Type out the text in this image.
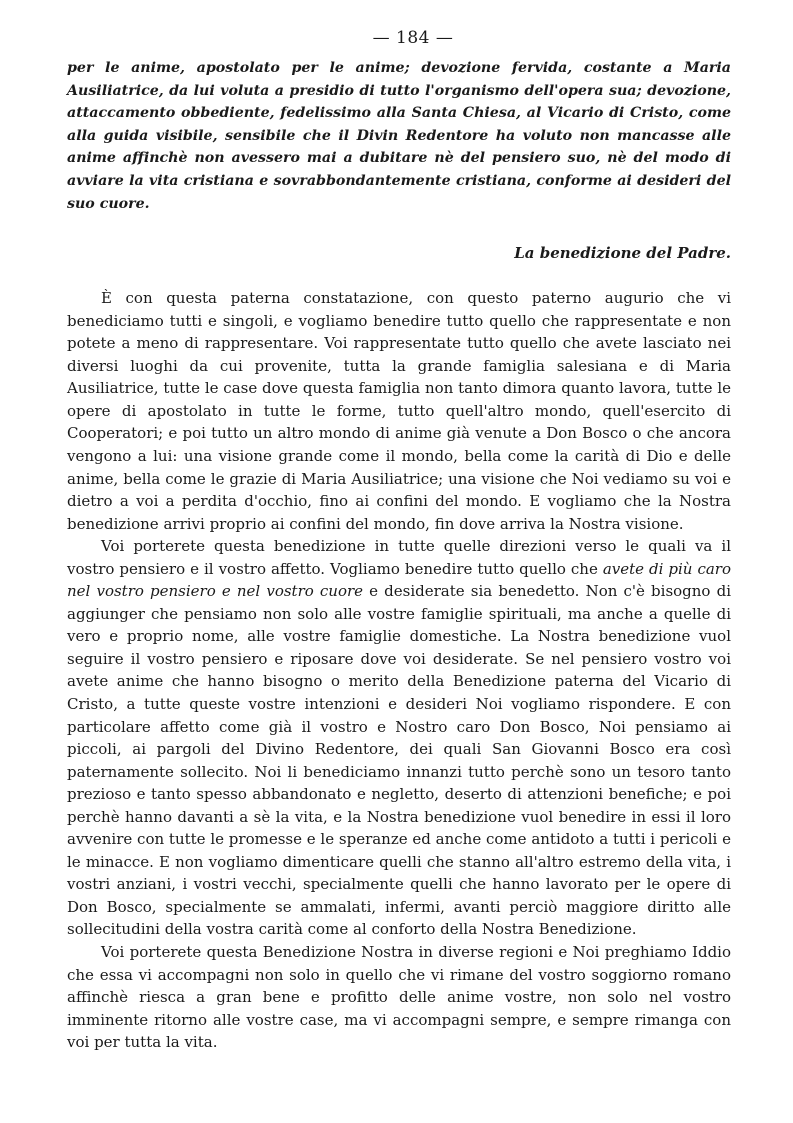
— 184 —

per le anime, apostolato per le anime; devozione fervida, costante a Maria Ausiliatrice, da lui voluta a presidio di tutto l'organismo dell'opera sua; devozione, attaccamento obbediente, fedelissimo alla Santa Chiesa, al Vicario di Cristo, come alla guida visibile, sensibile che il Divin Redentore ha voluto non mancasse alle anime affinchè non avessero mai a dubitare nè del pensiero suo, nè del modo di avviare la vita cristiana e sovrabbondantemente cristiana, conforme ai desideri del suo cuore.

La benedizione del Padre.

È con questa paterna constatazione, con questo paterno augurio che vi benediciamo tutti e singoli, e vogliamo benedire tutto quello che rappresentate e non potete a meno di rappresentare. Voi rappresentate tutto quello che avete lasciato nei diversi luoghi da cui provenite, tutta la grande famiglia salesiana e di Maria Ausiliatrice, tutte le case dove questa famiglia non tanto dimora quanto lavora, tutte le opere di apostolato in tutte le forme, tutto quell'altro mondo, quell'esercito di Cooperatori; e poi tutto un altro mondo di anime già venute a Don Bosco o che ancora vengono a lui: una visione grande come il mondo, bella come la carità di Dio e delle anime, bella come le grazie di Maria Ausiliatrice; una visione che Noi vediamo su voi e dietro a voi a perdita d'occhio, fino ai confini del mondo. E vogliamo che la Nostra benedizione arrivi proprio ai confini del mondo, fin dove arriva la Nostra visione.

Voi porterete questa benedizione in tutte quelle direzioni verso le quali va il vostro pensiero e il vostro affetto. Vogliamo benedire tutto quello che avete di più caro nel vostro pensiero e nel vostro cuore e desiderate sia benedetto. Non c'è bisogno di aggiunger che pensiamo non solo alle vostre famiglie spirituali, ma anche a quelle di vero e proprio nome, alle vostre famiglie domestiche. La Nostra benedizione vuol seguire il vostro pensiero e riposare dove voi desiderate. Se nel pensiero vostro voi avete anime che hanno bisogno o merito della Benedizione paterna del Vicario di Cristo, a tutte queste vostre intenzioni e desideri Noi vogliamo rispondere. E con particolare affetto come già il vostro e Nostro caro Don Bosco, Noi pensiamo ai piccoli, ai pargoli del Divino Redentore, dei quali San Giovanni Bosco era così paternamente sollecito. Noi li benediciamo innanzi tutto perchè sono un tesoro tanto prezioso e tanto spesso abbandonato e negletto, deserto di attenzioni benefiche; e poi perchè hanno davanti a sè la vita, e la Nostra benedizione vuol benedire in essi il loro avvenire con tutte le promesse e le speranze ed anche come antidoto a tutti i pericoli e le minacce. E non vogliamo dimenticare quelli che stanno all'altro estremo della vita, i vostri anziani, i vostri vecchi, specialmente quelli che hanno lavorato per le opere di Don Bosco, specialmente se ammalati, infermi, avanti perciò maggiore diritto alle sollecitudini della vostra carità come al conforto della Nostra Benedizione.

Voi porterete questa Benedizione Nostra in diverse regioni e Noi preghiamo Iddio che essa vi accompagni non solo in quello che vi rimane del vostro soggiorno romano affinchè riesca a gran bene e profitto delle anime vostre, non solo nel vostro imminente ritorno alle vostre case, ma vi accompagni sempre, e sempre rimanga con voi per tutta la vita.
